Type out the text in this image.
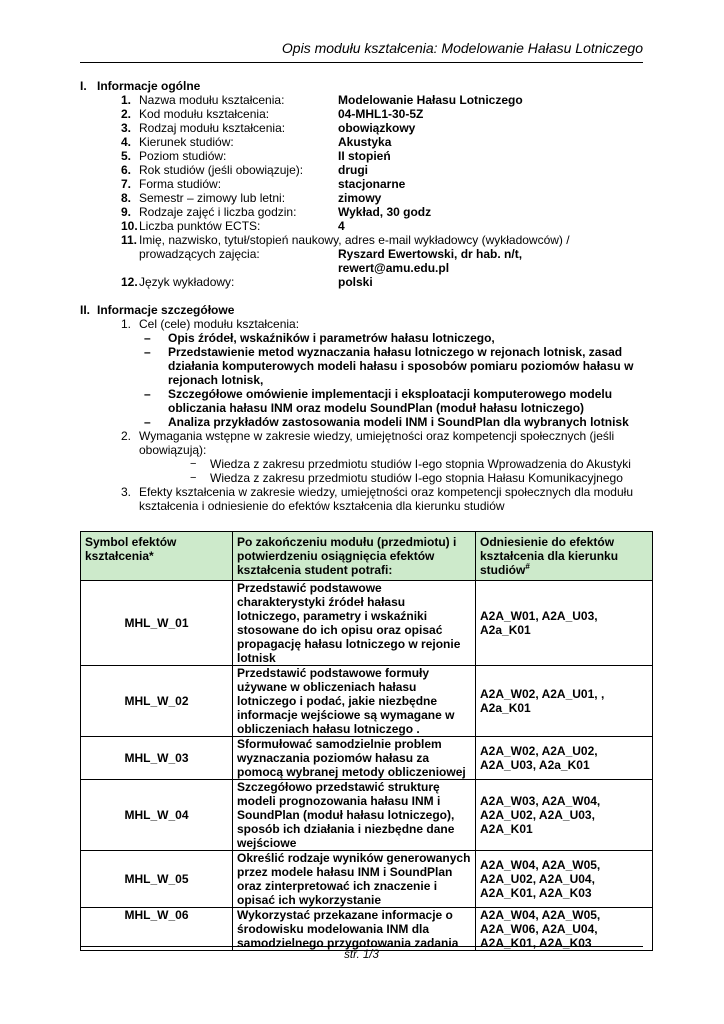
Opis modułu kształcenia: Modelowanie Hałasu Lotniczego
I. Informacje ogólne
1. Nazwa modułu kształcenia:	Modelowanie Hałasu Lotniczego
2. Kod modułu kształcenia:	04-MHL1-30-5Z
3. Rodzaj modułu kształcenia:	obowiązkowy
4. Kierunek studiów:	Akustyka
5. Poziom studiów:	II stopień
6. Rok studiów (jeśli obowiązuje):	drugi
7. Forma studiów:	stacjonarne
8. Semestr – zimowy lub letni:	zimowy
9. Rodzaje zajęć i liczba godzin:	Wykład, 30 godz
10. Liczba punktów ECTS:	4
11. Imię, nazwisko, tytuł/stopień naukowy, adres e-mail wykładowcy (wykładowców) /
prowadzących zajęcia:	Ryszard Ewertowski, dr hab. n/t,

rewert@amu.edu.pl
12. Język wykładowy:	polski
II. Informacje szczegółowe
1. Cel (cele) modułu kształcenia:
– Opis źródeł, wskaźników i parametrów hałasu lotniczego,
– Przedstawienie metod wyznaczania hałasu lotniczego w rejonach lotnisk, zasad działania komputerowych modeli hałasu i sposobów pomiaru poziomów hałasu w rejonach lotnisk,
– Szczegółowe omówienie implementacji i eksploatacji komputerowego modelu obliczania hałasu INM oraz modelu SoundPlan (moduł hałasu lotniczego)
– Analiza przykładów zastosowania modeli INM i SoundPlan dla wybranych lotnisk
2. Wymagania wstępne w zakresie wiedzy, umiejętności oraz kompetencji społecznych (jeśli obowiązują):
− Wiedza z zakresu przedmiotu studiów I-ego stopnia Wprowadzenia do Akustyki
− Wiedza z zakresu przedmiotu studiów I-ego stopnia Hałasu Komunikacyjnego
3. Efekty kształcenia w zakresie wiedzy, umiejętności oraz kompetencji społecznych dla modułu kształcenia i odniesienie do efektów kształcenia dla kierunku studiów
Symbol efektów kształcenia*	Po zakończeniu modułu (przedmiotu) i potwierdzeniu osiągnięcia efektów kształcenia student potrafi:	Odniesienie do efektów kształcenia dla kierunku studiów#
MHL_W_01	Przedstawić podstawowe charakterystyki źródeł hałasu lotniczego, parametry i wskaźniki stosowane do ich opisu oraz opisać propagację hałasu lotniczego w rejonie lotnisk	A2A_W01, A2A_U03, A2a_K01
MHL_W_02	Przedstawić podstawowe formuły używane w obliczeniach hałasu lotniczego i podać, jakie niezbędne informacje wejściowe są wymagane w obliczeniach hałasu lotniczego .	A2A_W02, A2A_U01, , A2a_K01
MHL_W_03	Sformułować samodzielnie problem wyznaczania poziomów hałasu za pomocą wybranej metody obliczeniowej	A2A_W02, A2A_U02, A2A_U03, A2a_K01
MHL_W_04	Szczegółowo przedstawić strukturę modeli prognozowania hałasu INM i SoundPlan (moduł hałasu lotniczego), sposób ich działania i niezbędne dane wejściowe	A2A_W03, A2A_W04, A2A_U02, A2A_U03, A2A_K01
MHL_W_05	Określić rodzaje wyników generowanych przez modele hałasu INM i SoundPlan oraz zinterpretować ich znaczenie i opisać ich wykorzystanie	A2A_W04, A2A_W05, A2A_U02, A2A_U04, A2A_K01, A2A_K03
MHL_W_06	Wykorzystać przekazane informacje o środowisku modelowania INM dla samodzielnego przygotowania zadania	A2A_W04, A2A_W05, A2A_W06, A2A_U04, A2A_K01, A2A_K03
str. 1/3
